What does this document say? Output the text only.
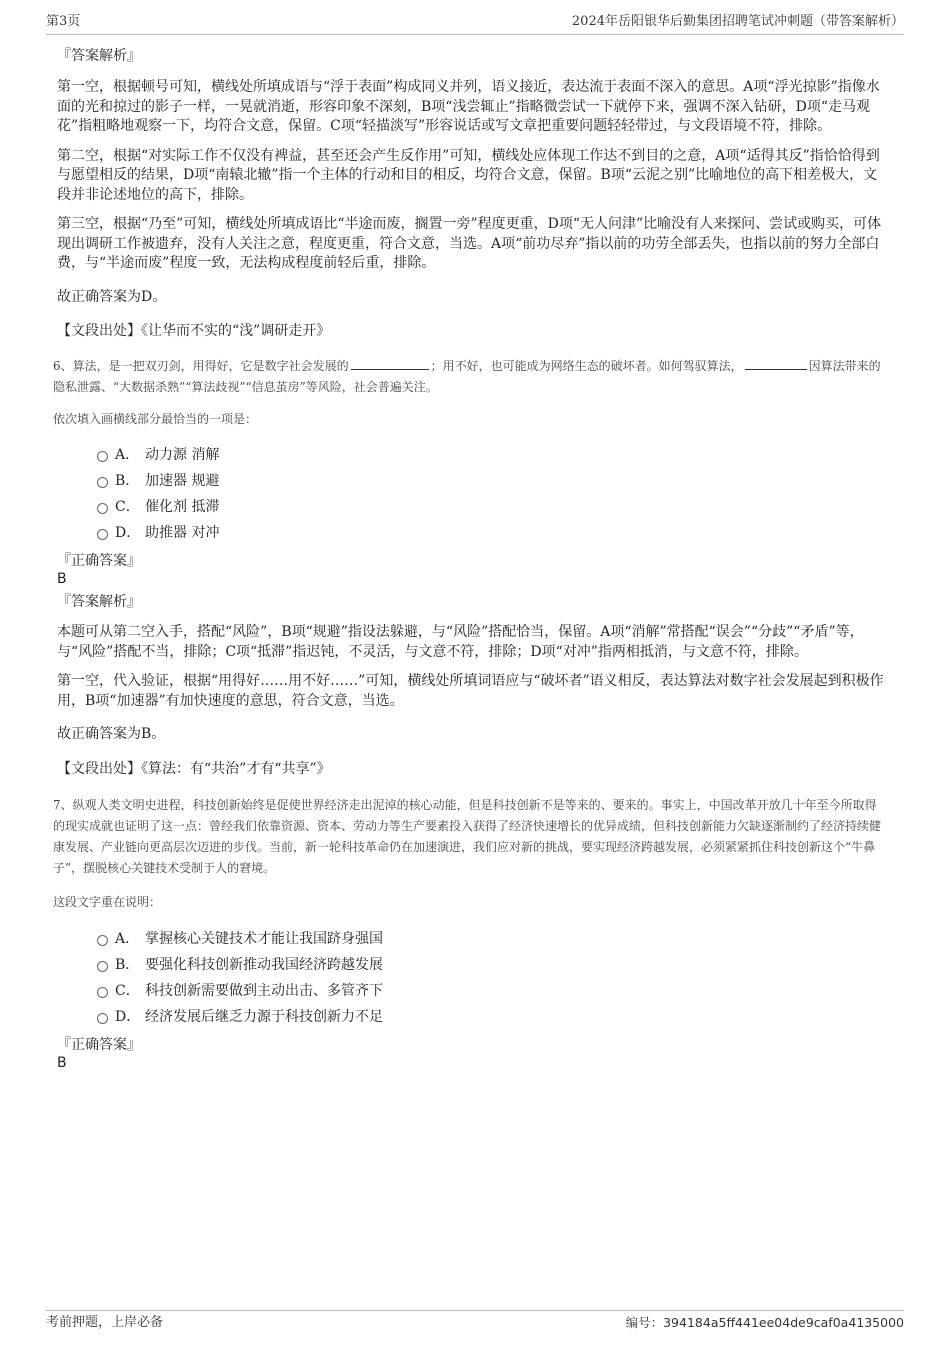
第3页	2024年岳阳银华后勤集团招聘笔试冲刺题（带答案解析）
『答案解析』

第一空，根据顿号可知，横线处所填成语与“浮于表面”构成同义并列，语义接近，表达流于表面不深入的意思。A项“浮光掠影”指像水面的光和掠过的影子一样，一晃就消逝，形容印象不深刻，B项“浅尝辄止”指略微尝试一下就停下来，强调不深入钻研，D项“走马观花”指粗略地观察一下，均符合文意，保留。C项“轻描淡写”形容说话或写文章把重要问题轻轻带过，与文段语境不符，排除。

第二空，根据“对实际工作不仅没有裨益，甚至还会产生反作用”可知，横线处应体现工作达不到目的之意，A项“适得其反”指恰恰得到与愿望相反的结果，D项“南辕北辙”指一个主体的行动和目的相反，均符合文意，保留。B项“云泥之别”比喻地位的高下相差极大，文段并非论述地位的高下，排除。

第三空，根据“乃至”可知，横线处所填成语比“半途而废，搁置一旁”程度更重，D项“无人问津”比喻没有人来探问、尝试或购买，可体现出调研工作被遗弃，没有人关注之意，程度更重，符合文意，当选。A项“前功尽弃”指以前的功劳全部丢失，也指以前的努力全部白费，与“半途而废”程度一致，无法构成程度前轻后重，排除。

故正确答案为D。

【文段出处】《让华而不实的“浅”调研走开》

6、算法，是一把双刃剑，用得好，它是数字社会发展的	；用不好，也可能成为网络生态的破坏者。如何驾驭算法，	因算法带来的隐私泄露、“大数据杀熟”“算法歧视”“信息茧房”等风险，社会普遍关注。

依次填入画横线部分最恰当的一项是：
A． 动力源 消解
B． 加速器 规避
C． 催化剂 抵滞
D． 助推器 对冲
『正确答案』
B
『答案解析』

本题可从第二空入手，搭配“风险”，B项“规避”指设法躲避，与“风险”搭配恰当，保留。A项“消解”常搭配“误会”“分歧”“矛盾”等，与“风险”搭配不当，排除；C项“抵滞”指迟钝，不灵活，与文意不符，排除；D项“对冲”指两相抵消，与文意不符，排除。

第一空，代入验证，根据“用得好……用不好……”可知，横线处所填词语应与“破坏者”语义相反，表达算法对数字社会发展起到积极作用，B项“加速器”有加快速度的意思，符合文意，当选。

故正确答案为B。

【文段出处】《算法：有“共治”才有“共享”》

7、纵观人类文明史进程，科技创新始终是促使世界经济走出泥淖的核心动能，但是科技创新不是等来的、要来的。事实上，中国改革开放几十年至今所取得的现实成就也证明了这一点：曾经我们依靠资源、资本、劳动力等生产要素投入获得了经济快速增长的优异成绩，但科技创新能力欠缺逐渐制约了经济持续健康发展、产业链向更高层次迈进的步伐。当前，新一轮科技革命仍在加速演进，我们应对新的挑战，要实现经济跨越发展，必须紧紧抓住科技创新这个“牛鼻子”，摆脱核心关键技术受制于人的窘境。

这段文字重在说明：
A． 掌握核心关键技术才能让我国跻身强国
B． 要强化科技创新推动我国经济跨越发展
C． 科技创新需要做到主动出击、多管齐下
D． 经济发展后继乏力源于科技创新力不足
『正确答案』
B
考前押题，上岸必备	编号：394184a5ff441ee04de9caf0a4135000
